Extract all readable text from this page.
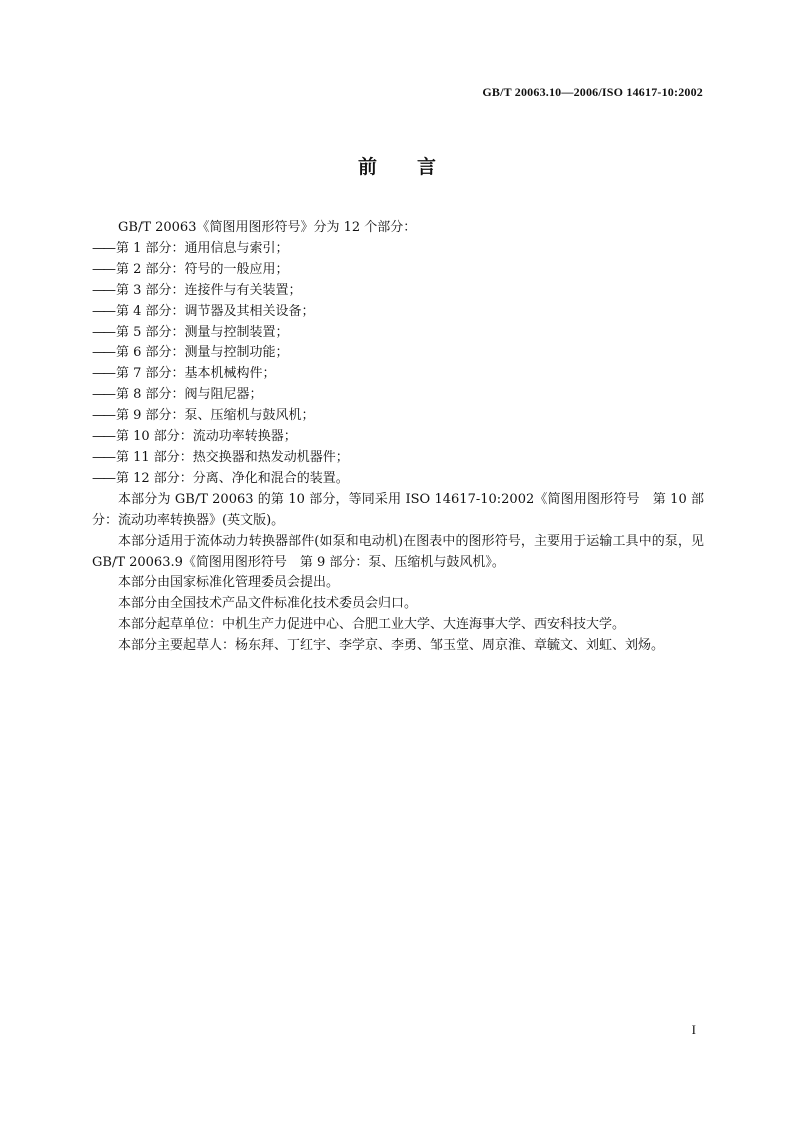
GB/T 20063.10—2006/ISO 14617-10:2002
前 言

GB/T 20063《简图用图形符号》分为 12 个部分：

—— 第 1 部分：通用信息与索引；

—— 第 2 部分：符号的一般应用；

—— 第 3 部分：连接件与有关装置；

—— 第 4 部分：调节器及其相关设备；

—— 第 5 部分：测量与控制装置；

—— 第 6 部分：测量与控制功能；

—— 第 7 部分：基本机械构件；

—— 第 8 部分：阀与阻尼器；

—— 第 9 部分：泵、压缩机与鼓风机；

—— 第 10 部分：流动功率转换器；

—— 第 11 部分：热交换器和热发动机器件；

—— 第 12 部分：分离、净化和混合的装置。

本部分为 GB/T 20063 的第 10 部分，等同采用 ISO 14617-10:2002《简图用图形符号　第 10 部分：流动功率转换器》(英文版)。

本部分适用于流体动力转换器部件(如泵和电动机)在图表中的图形符号，主要用于运输工具中的泵，见 GB/T 20063.9《简图用图形符号　第 9 部分：泵、压缩机与鼓风机》。

本部分由国家标准化管理委员会提出。

本部分由全国技术产品文件标准化技术委员会归口。

本部分起草单位：中机生产力促进中心、合肥工业大学、大连海事大学、西安科技大学。

本部分主要起草人：杨东拜、丁红宇、李学京、李勇、邹玉堂、周京淮、章毓文、刘虹、刘炀。

I
